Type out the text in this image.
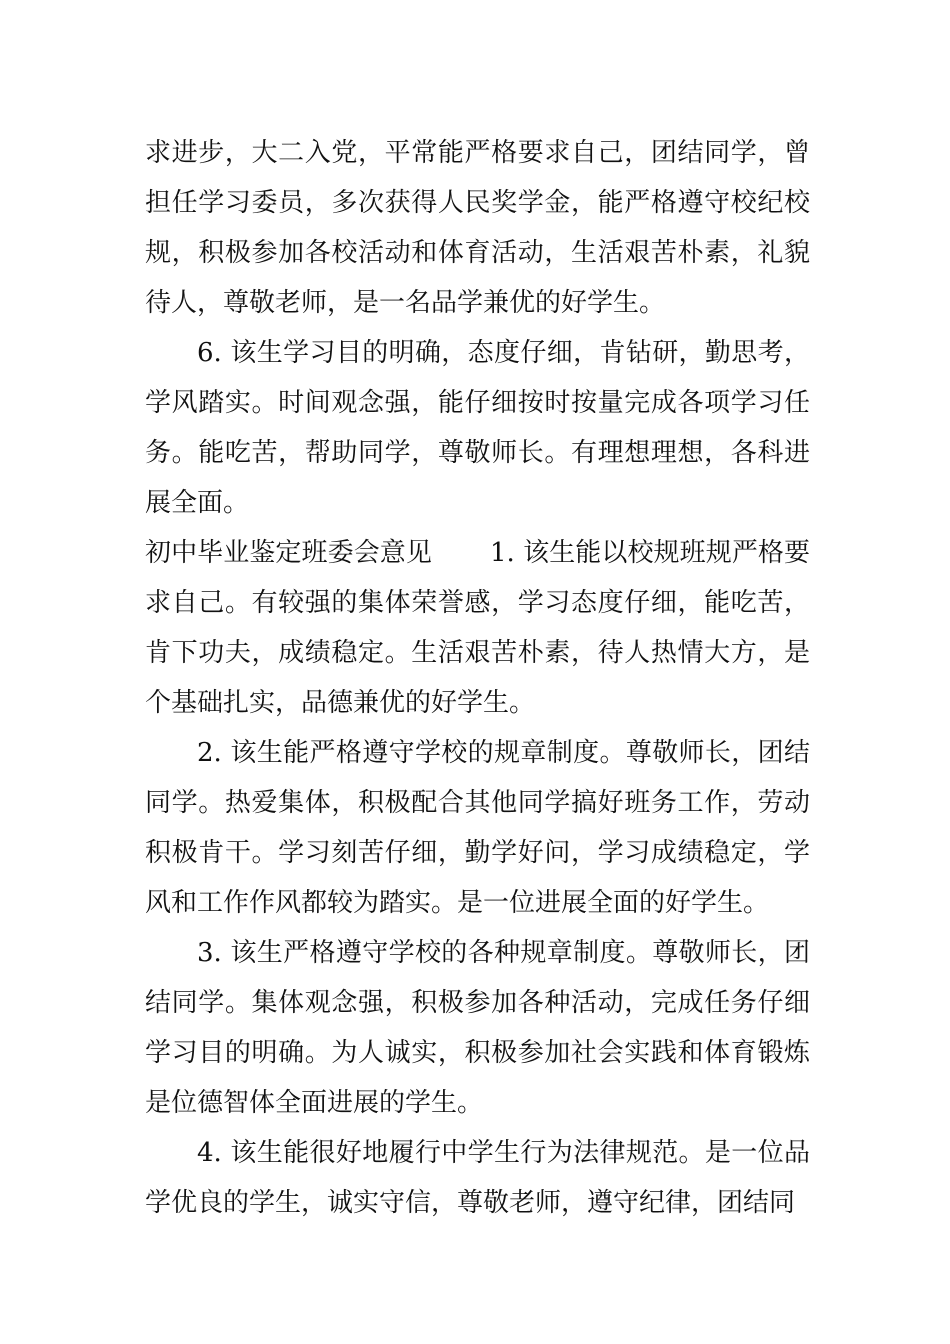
求进步，大二入党，平常能严格要求自己，团结同学，曾担任学习委员，多次获得人民奖学金，能严格遵守校纪校规，积极参加各校活动和体育活动，生活艰苦朴素，礼貌待人，尊敬老师，是一名品学兼优的好学生。

6. 该生学习目的明确，态度仔细，肯钻研，勤思考，学风踏实。时间观念强，能仔细按时按量完成各项学习任务。能吃苦，帮助同学，尊敬师长。有理想理想，各科进展全面。

初中毕业鉴定班委会意见 1. 该生能以校规班规严格要求自己。有较强的集体荣誉感，学习态度仔细，能吃苦，肯下功夫，成绩稳定。生活艰苦朴素，待人热情大方，是个基础扎实，品德兼优的好学生。

2. 该生能严格遵守学校的规章制度。尊敬师长，团结同学。热爱集体，积极配合其他同学搞好班务工作，劳动积极肯干。学习刻苦仔细，勤学好问，学习成绩稳定，学风和工作作风都较为踏实。是一位进展全面的好学生。

3. 该生严格遵守学校的各种规章制度。尊敬师长，团结同学。集体观念强，积极参加各种活动，完成任务仔细学习目的明确。为人诚实，积极参加社会实践和体育锻炼是位德智体全面进展的学生。

4. 该生能很好地履行中学生行为法律规范。是一位品学优良的学生，诚实守信，尊敬老师，遵守纪律，团结同
